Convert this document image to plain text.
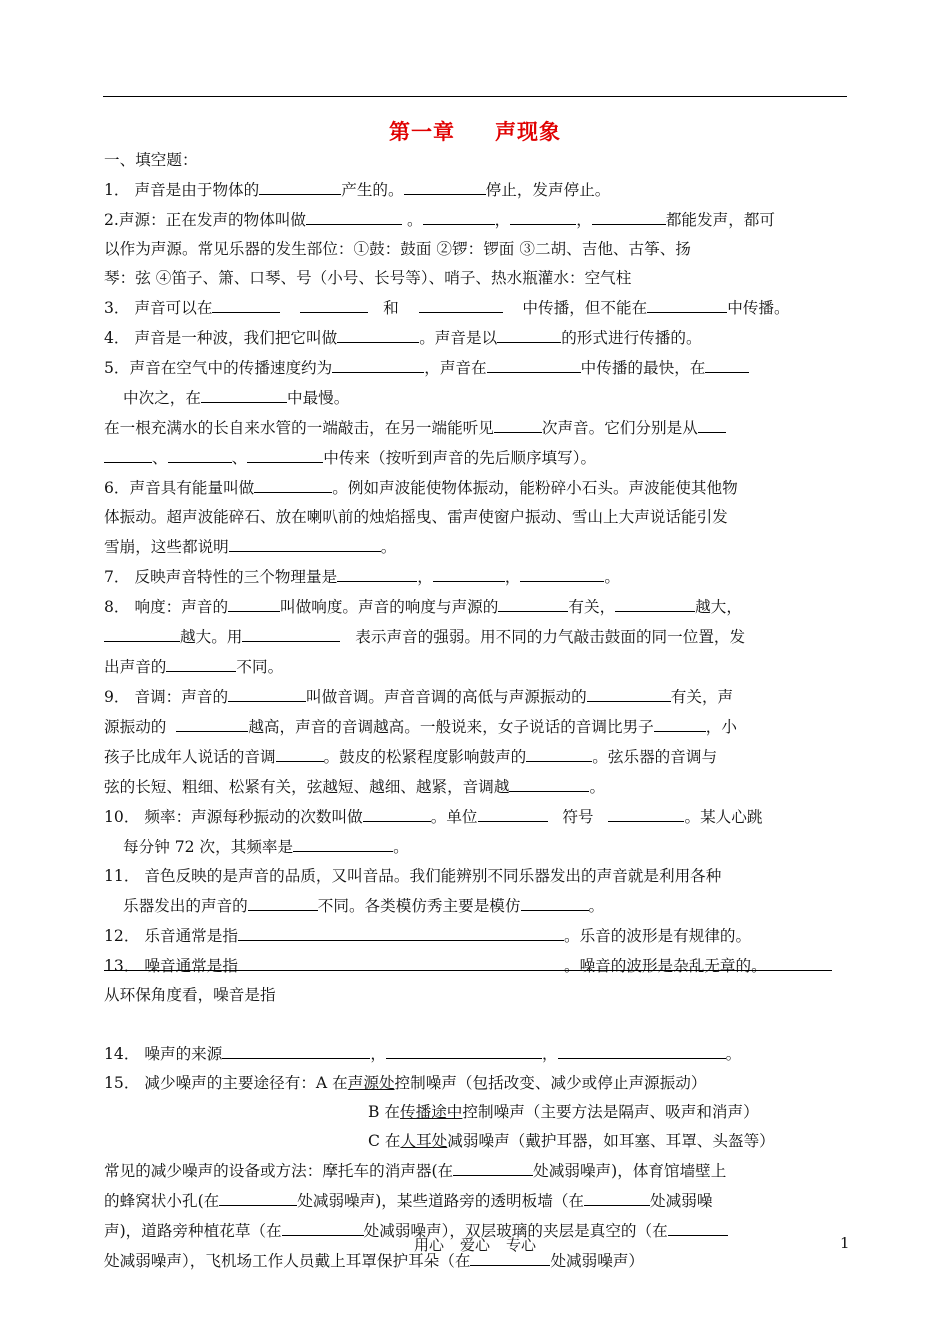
第一章 声现象

一、填空题：

1． 声音是由于物体的	产生的。	停止，发声停止。

2.声源：正在发声的物体叫做	。	，	，	都能发声，都可

以作为声源。常见乐器的发生部位：①鼓：鼓面 ②锣：锣面 ③二胡、吉他、古筝、扬

琴：弦 ④笛子、箫、口琴、号（小号、长号等）、哨子、热水瓶灌水：空气柱

3． 声音可以在	和	中传播，但不能在	中传播。

4． 声音是一种波，我们把它叫做	。声音是以	的形式进行传播的。

5．声音在空气中的传播速度约为	，声音在	中传播的最快，在

中次之，在	中最慢。

在一根充满水的长自来水管的一端敲击，在另一端能听见	次声音。它们分别是从

、	、	中传来（按听到声音的先后顺序填写）。

6．声音具有能量叫做	。例如声波能使物体振动，能粉碎小石头。声波能使其他物

体振动。超声波能碎石、放在喇叭前的烛焰摇曳、雷声使窗户振动、雪山上大声说话能引发

雪崩，这些都说明	。

7． 反映声音特性的三个物理量是	，	，	。

8． 响度：声音的	叫做响度。声音的响度与声源的	有关，	越大，

越大。用	表示声音的强弱。用不同的力气敲击鼓面的同一位置，发

出声音的	不同。

9． 音调：声音的	叫做音调。声音音调的高低与声源振动的	有关，声

源振动的	越高，声音的音调越高。一般说来，女子说话的音调比男子	，小

孩子比成年人说话的音调	。鼓皮的松紧程度影响鼓声的	。弦乐器的音调与

弦的长短、粗细、松紧有关，弦越短、越细、越紧，音调越	。

10． 频率：声源每秒振动的次数叫做	。单位	符号	。某人心跳

每分钟 72 次，其频率是	。

11． 音色反映的是声音的品质，又叫音品。我们能辨别不同乐器发出的声音就是利用各种

乐器发出的声音的	不同。各类模仿秀主要是模仿	。

12． 乐音通常是指	。乐音的波形是有规律的。

13． 噪音通常是指	。噪音的波形是杂乱无章的。

从环保角度看，噪音是指

14． 噪声的来源	，	，	。

15． 减少噪声的主要途径有：A 在声源处控制噪声（包括改变、减少或停止声源振动）

B 在传播途中控制噪声（主要方法是隔声、吸声和消声）

C 在人耳处减弱噪声（戴护耳器，如耳塞、耳罩、头盔等）

常见的减少噪声的设备或方法：摩托车的消声器(在	处减弱噪声)，体育馆墙壁上

的蜂窝状小孔(在	处减弱噪声)，某些道路旁的透明板墙（在	处减弱噪

声)，道路旁种植花草（在	处减弱噪声），双层玻璃的夹层是真空的（在

处减弱噪声），飞机场工作人员戴上耳罩保护耳朵（在	处减弱噪声）

用心 爱心 专心	1
